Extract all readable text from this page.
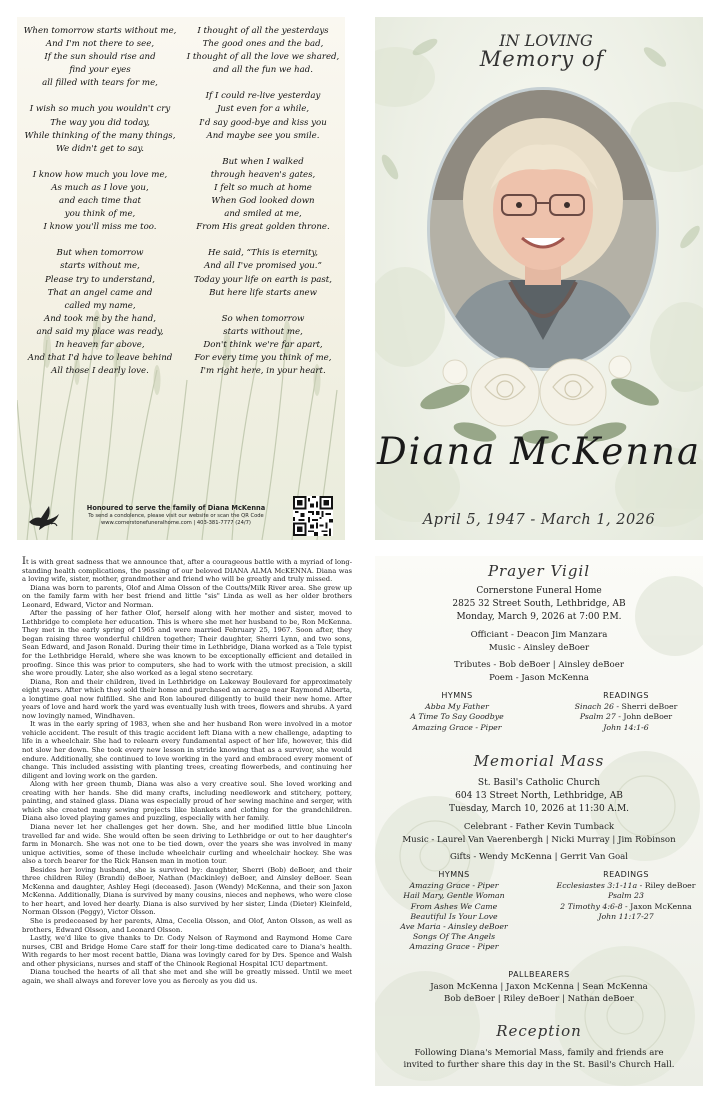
When tomorrow starts without me,
And I'm not there to see,
If the sun should rise and
find your eyes
all filled with tears for me,
I wish so much you wouldn't cry
The way you did today,
While thinking of the many things,
We didn't get to say.
I know how much you love me,
As much as I love you,
and each time that
you think of me,
I know you'll miss me too.
But when tomorrow
starts without me,
Please try to understand,
That an angel came and
called my name,
And took me by the hand,
and said my place was ready,
In heaven far above,
And that I'd have to leave behind
All those I dearly love.
I thought of all the yesterdays
The good ones and the bad,
I thought of all the love we shared,
and all the fun we had.
If I could re-live yesterday
Just even for a while,
I'd say good-bye and kiss you
And maybe see you smile.
But when I walked
through heaven's gates,
I felt so much at home
When God looked down
and smiled at me,
From His great golden throne.
He said, “This is eternity,
And all I've promised you.”
Today your life on earth is past,
But here life starts anew
So when tomorrow
starts without me,
Don't think we're far apart,
For every time you think of me,
I'm right here, in your heart.
Honoured to serve the family of Diana McKenna
To send a condolence, please visit our website or scan the QR Code
www.cornerstonefuneralhome.com | 403-381-7777 (24/7)
IN LOVING
Memory of
Diana McKenna
April 5, 1947 - March 1, 2026

It is with great sadness that we announce that, after a courageous battle with a myriad of long-standing health complications, the passing of our beloved DIANA ALMA McKENNA. Diana was a loving wife, sister, mother, grandmother and friend who will be greatly and truly missed.

Diana was born to parents, Olof and Alma Olsson of the Coutts/Milk River area. She grew up on the family farm with her best friend and little "sis" Linda as well as her older brothers Leonard, Edward, Victor and Norman.

After the passing of her father Olof, herself along with her mother and sister, moved to Lethbridge to complete her education. This is where she met her husband to be, Ron McKenna. They met in the early spring of 1965 and were married February 25, 1967. Soon after, they began raising three wonderful children together; Their daughter, Sherri Lynn, and two sons, Sean Edward, and Jason Ronald. During their time in Lethbridge, Diana worked as a Tele typist for the Lethbridge Herald, where she was known to be exceptionally efficient and detailed in proofing. Since this was prior to computers, she had to work with the utmost precision, a skill she wore proudly. Later, she also worked as a legal steno secretary.

Diana, Ron and their children, lived in Lethbridge on Lakeway Boulevard for approximately eight years. After which they sold their home and purchased an acreage near Raymond Alberta, a longtime goal now fulfilled. She and Ron laboured diligently to build their new home. After years of love and hard work the yard was eventually lush with trees, flowers and shrubs. A yard now lovingly named, Windhaven.

It was in the early spring of 1983, when she and her husband Ron were involved in a motor vehicle accident. The result of this tragic accident left Diana with a new challenge, adapting to life in a wheelchair. She had to relearn every fundamental aspect of her life, however, this did not slow her down. She took every new lesson in stride knowing that as a survivor, she would endure. Additionally, she continued to love working in the yard and embraced every moment of change. This included assisting with planting trees, creating flowerbeds, and continuing her diligent and loving work on the garden.

Along with her green thumb, Diana was also a very creative soul. She loved working and creating with her hands. She did many crafts, including needlework and stitchery, pottery, painting, and stained glass. Diana was especially proud of her sewing machine and serger, with which she created many sewing projects like blankets and clothing for the grandchildren. Diana also loved playing games and puzzling, especially with her family.

Diana never let her challenges get her down. She, and her modified little blue Lincoln travelled far and wide. She would often be seen driving to Lethbridge or out to her daughter's farm in Monarch. She was not one to be tied down, over the years she was involved in many unique activities, some of these include wheelchair curling and wheelchair hockey. She was also a torch bearer for the Rick Hansen man in motion tour.

Besides her loving husband, she is survived by: daughter, Sherri (Bob) deBoer, and their three children Riley (Brandi) deBoer, Nathan (Mackinley) deBoer, and Ainsley deBoer. Sean McKenna and daughter, Ashley Hegi (deceased). Jason (Wendy) McKenna, and their son Jaxon McKenna. Additionally, Diana is survived by many cousins, nieces and nephews, who were close to her heart, and loved her dearly. Diana is also survived by her sister, Linda (Dieter) Kleinfeld, Norman Olsson (Peggy), Victor Olsson.

She is predeceased by her parents, Alma, Cecelia Olsson, and Olof, Anton Olsson, as well as brothers, Edward Olsson, and Leonard Olsson.

Lastly, we'd like to give thanks to Dr. Cody Nelson of Raymond and Raymond Home Care nurses, CBI and Bridge Home Care staff for their long-time dedicated care to Diana's health. With regards to her most recent battle, Diana was lovingly cared for by Drs. Spence and Walsh and other physicians, nurses and staff of the Chinook Regional Hospital ICU department.

Diana touched the hearts of all that she met and she will be greatly missed. Until we meet again, we shall always and forever love you as fiercely as you did us.

Prayer Vigil
Cornerstone Funeral Home
2825 32 Street South, Lethbridge, AB
Monday, March 9, 2026 at 7:00 P.M.
Officiant - Deacon Jim Manzara
Music - Ainsley deBoer
Tributes - Bob deBoer | Ainsley deBoer
Poem - Jason McKenna
HYMNS
Abba My Father
A Time To Say Goodbye
Amazing Grace - Piper
READINGS
Sinach 26 - Sherri deBoer
Psalm 27 - John deBoer
John 14:1-6
Memorial Mass
St. Basil's Catholic Church
604 13 Street North, Lethbridge, AB
Tuesday, March 10, 2026 at 11:30 A.M.
Celebrant - Father Kevin Tumback
Music - Laurel Van Vaerenbergh | Nicki Murray | Jim Robinson
Gifts - Wendy McKenna | Gerrit Van Goal
HYMNS
Amazing Grace - Piper
Hail Mary, Gentle Woman
From Ashes We Came
Beautiful Is Your Love
Ave Maria - Ainsley deBoer
Songs Of The Angels
Amazing Grace - Piper
READINGS
Ecclesiastes 3:1-11a - Riley deBoer
Psalm 23
2 Timothy 4:6-8 - Jaxon McKenna
John 11:17-27
PALLBEARERS
Jason McKenna | Jaxon McKenna | Sean McKenna
Bob deBoer | Riley deBoer | Nathan deBoer
Reception
Following Diana's Memorial Mass, family and friends are
invited to further share this day in the St. Basil's Church Hall.
